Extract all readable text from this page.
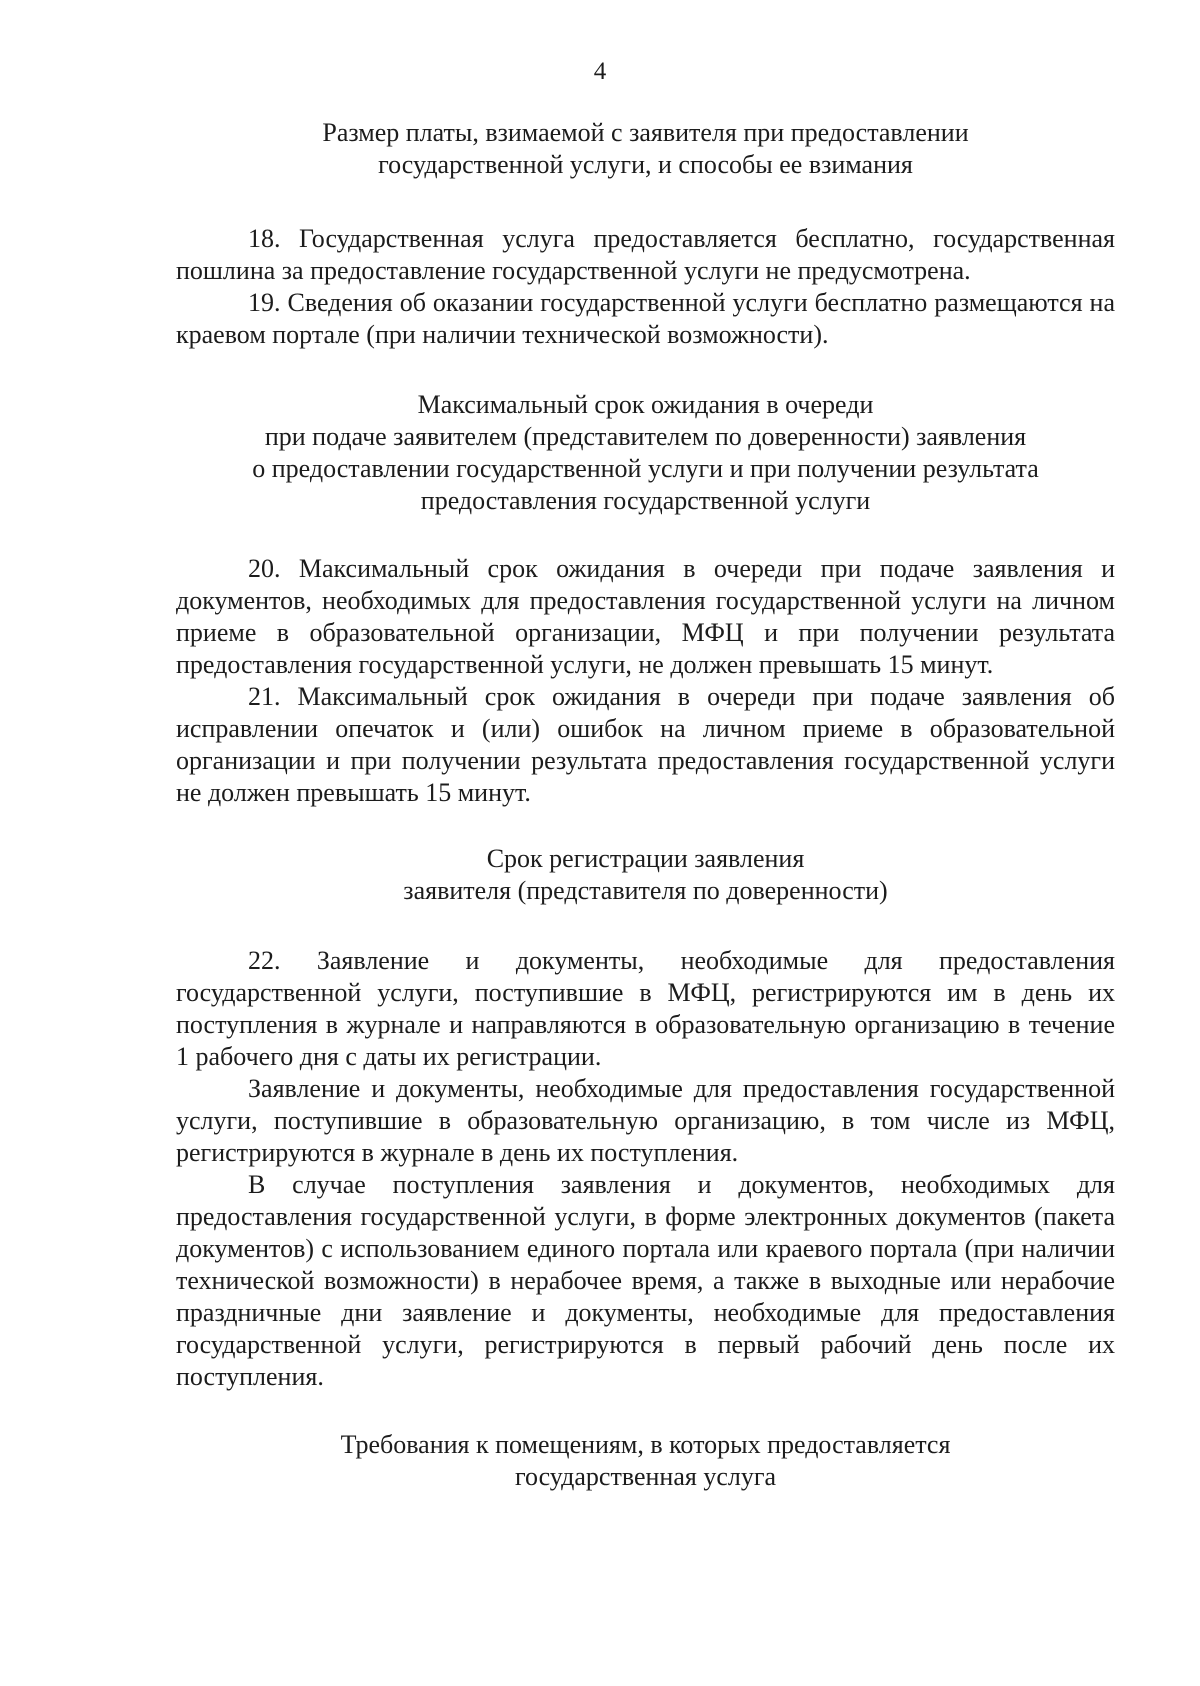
4
Размер платы, взимаемой с заявителя при предоставлении
государственной услуги, и способы ее взимания

18. Государственная услуга предоставляется бесплатно, государственная пошлина за предоставление государственной услуги не предусмотрена.

19. Сведения об оказании государственной услуги бесплатно размещаются на краевом портале (при наличии технической возможности).

Максимальный срок ожидания в очереди
при подаче заявителем (представителем по доверенности) заявления
о предоставлении государственной услуги и при получении результата
предоставления государственной услуги

20. Максимальный срок ожидания в очереди при подаче заявления и документов, необходимых для предоставления государственной услуги на личном приеме в образовательной организации, МФЦ и при получении результата предоставления государственной услуги, не должен превышать 15 минут.

21. Максимальный срок ожидания в очереди при подаче заявления об исправлении опечаток и (или) ошибок на личном приеме в образовательной организации и при получении результата предоставления государственной услуги не должен превышать 15 минут.

Срок регистрации заявления
заявителя (представителя по доверенности)

22. Заявление и документы, необходимые для предоставления государственной услуги, поступившие в МФЦ, регистрируются им в день их поступления в журнале и направляются в образовательную организацию в течение 1 рабочего дня с даты их регистрации.

Заявление и документы, необходимые для предоставления государственной услуги, поступившие в образовательную организацию, в том числе из МФЦ, регистрируются в журнале в день их поступления.

В случае поступления заявления и документов, необходимых для предоставления государственной услуги, в форме электронных документов (пакета документов) с использованием единого портала или краевого портала (при наличии технической возможности) в нерабочее время, а также в выходные или нерабочие праздничные дни заявление и документы, необходимые для предоставления государственной услуги, регистрируются в первый рабочий день после их поступления.

Требования к помещениям, в которых предоставляется
государственная услуга
